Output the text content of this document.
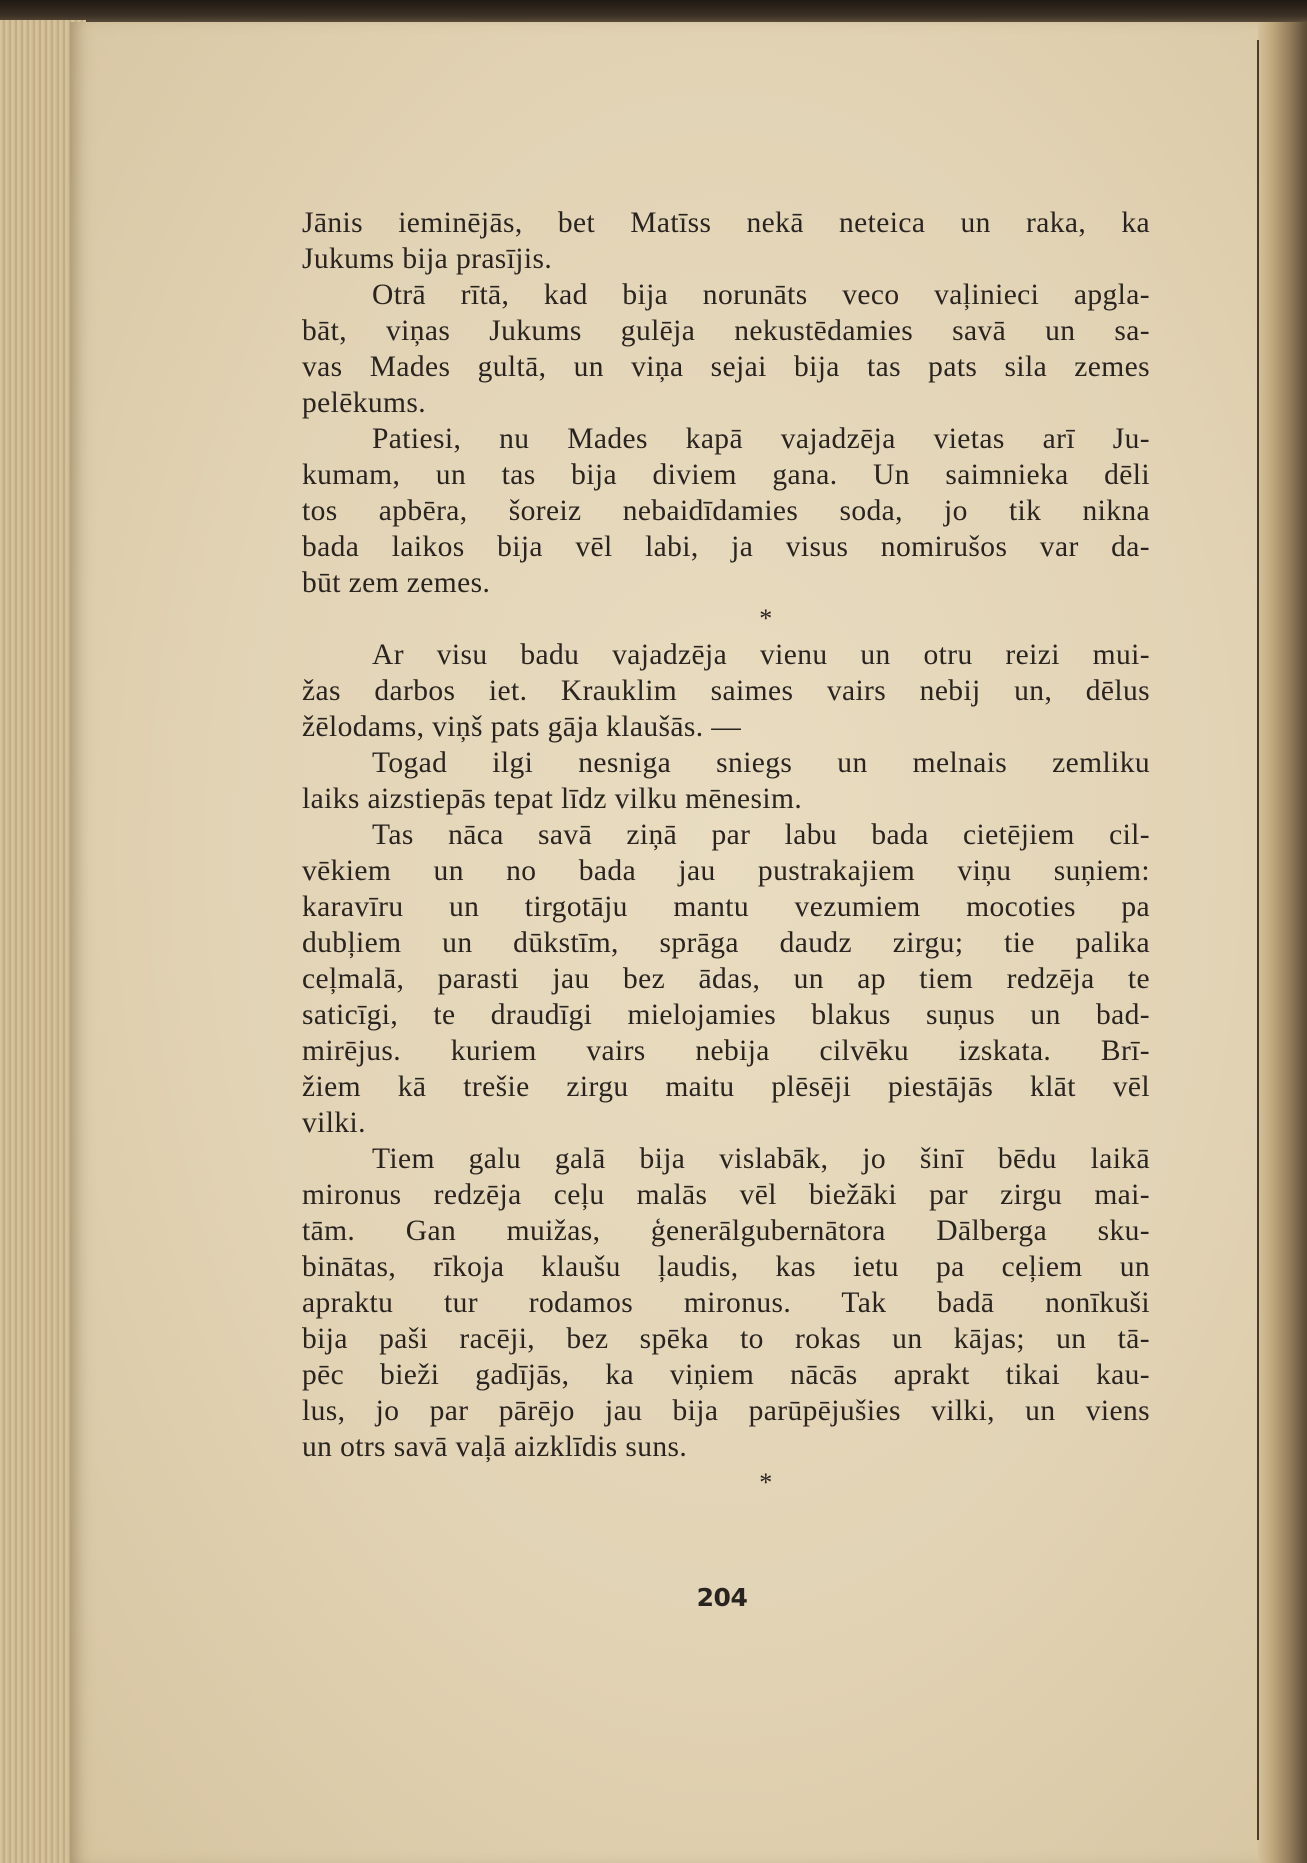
Jānis ieminējās, bet Matīss nekā neteica un raka, ka
Jukums bija prasījis.
Otrā rītā, kad bija norunāts veco vaļinieci apgla-
bāt, viņas Jukums gulēja nekustēdamies savā un sa-
vas Mades gultā, un viņa sejai bija tas pats sila zemes
pelēkums.
Patiesi, nu Mades kapā vajadzēja vietas arī Ju-
kumam, un tas bija diviem gana. Un saimnieka dēli
tos apbēra, šoreiz nebaidīdamies soda, jo tik nikna
bada laikos bija vēl labi, ja visus nomirušos var da-
būt zem zemes.
*
Ar visu badu vajadzēja vienu un otru reizi mui-
žas darbos iet. Krauklim saimes vairs nebij un, dēlus
žēlodams, viņš pats gāja klaušās. —
Togad ilgi nesniga sniegs un melnais zemliku
laiks aizstiepās tepat līdz vilku mēnesim.
Tas nāca savā ziņā par labu bada cietējiem cil-
vēkiem un no bada jau pustrakajiem viņu suņiem:
karavīru un tirgotāju mantu vezumiem mocoties pa
dubļiem un dūkstīm, sprāga daudz zirgu; tie palika
ceļmalā, parasti jau bez ādas, un ap tiem redzēja te
saticīgi, te draudīgi mielojamies blakus suņus un bad-
mirējus. kuriem vairs nebija cilvēku izskata. Brī-
žiem kā trešie zirgu maitu plēsēji piestājās klāt vēl
vilki.
Tiem galu galā bija vislabāk, jo šinī bēdu laikā
mironus redzēja ceļu malās vēl biežāki par zirgu mai-
tām. Gan muižas, ģenerālgubernātora Dālberga sku-
binātas, rīkoja klaušu ļaudis, kas ietu pa ceļiem un
apraktu tur rodamos mironus. Tak badā nonīkuši
bija paši racēji, bez spēka to rokas un kājas; un tā-
pēc bieži gadījās, ka viņiem nācās aprakt tikai kau-
lus, jo par pārējo jau bija parūpējušies vilki, un viens
un otrs savā vaļā aizklīdis suns.
*
204
